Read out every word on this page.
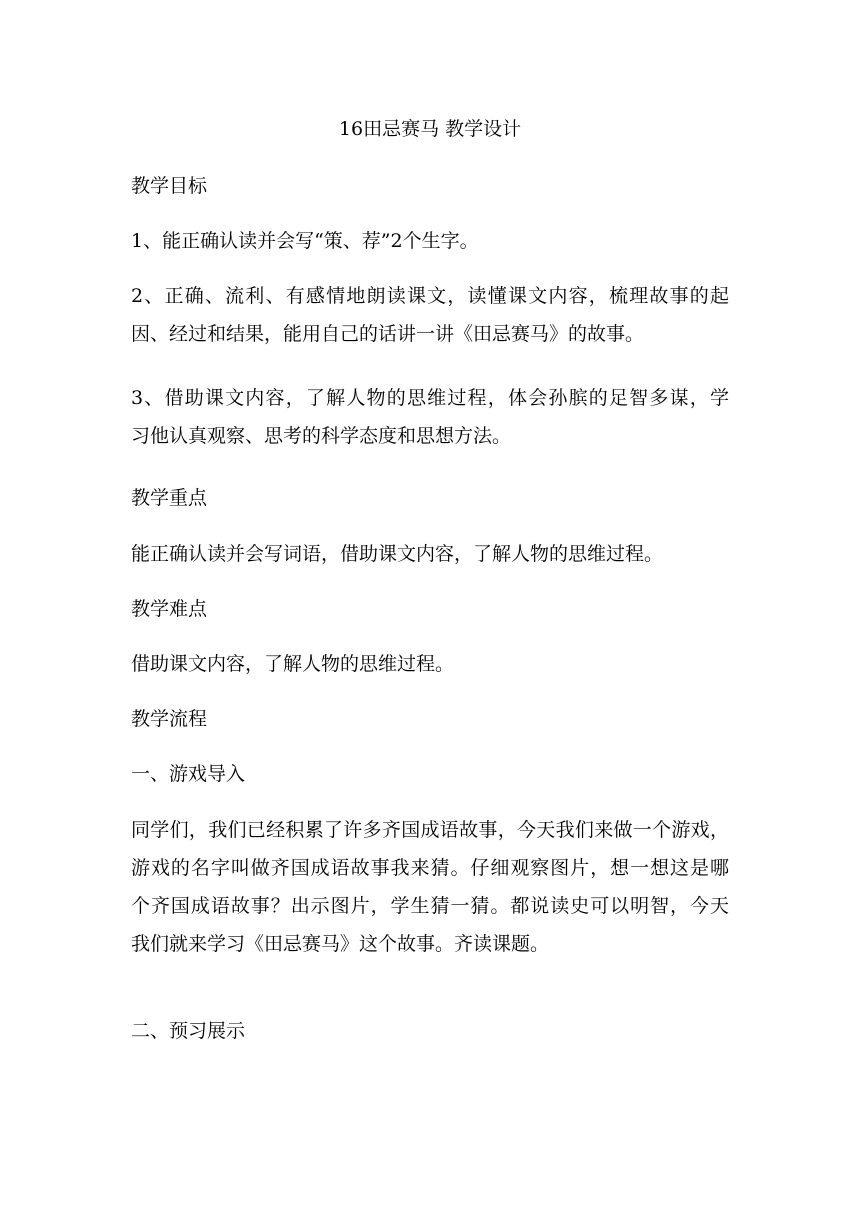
16田忌赛马 教学设计
教学目标
1、能正确认读并会写“策、荐”2个生字。
2、正确、流利、有感情地朗读课文，读懂课文内容，梳理故事的起
因、经过和结果，能用自己的话讲一讲《田忌赛马》的故事。
3、借助课文内容，了解人物的思维过程，体会孙膑的足智多谋，学
习他认真观察、思考的科学态度和思想方法。
教学重点
能正确认读并会写词语，借助课文内容，了解人物的思维过程。
教学难点
借助课文内容，了解人物的思维过程。
教学流程
一、游戏导入
同学们，我们已经积累了许多齐国成语故事，今天我们来做一个游戏，
游戏的名字叫做齐国成语故事我来猜。仔细观察图片，想一想这是哪
个齐国成语故事？出示图片，学生猜一猜。都说读史可以明智，今天
我们就来学习《田忌赛马》这个故事。齐读课题。
二、预习展示
